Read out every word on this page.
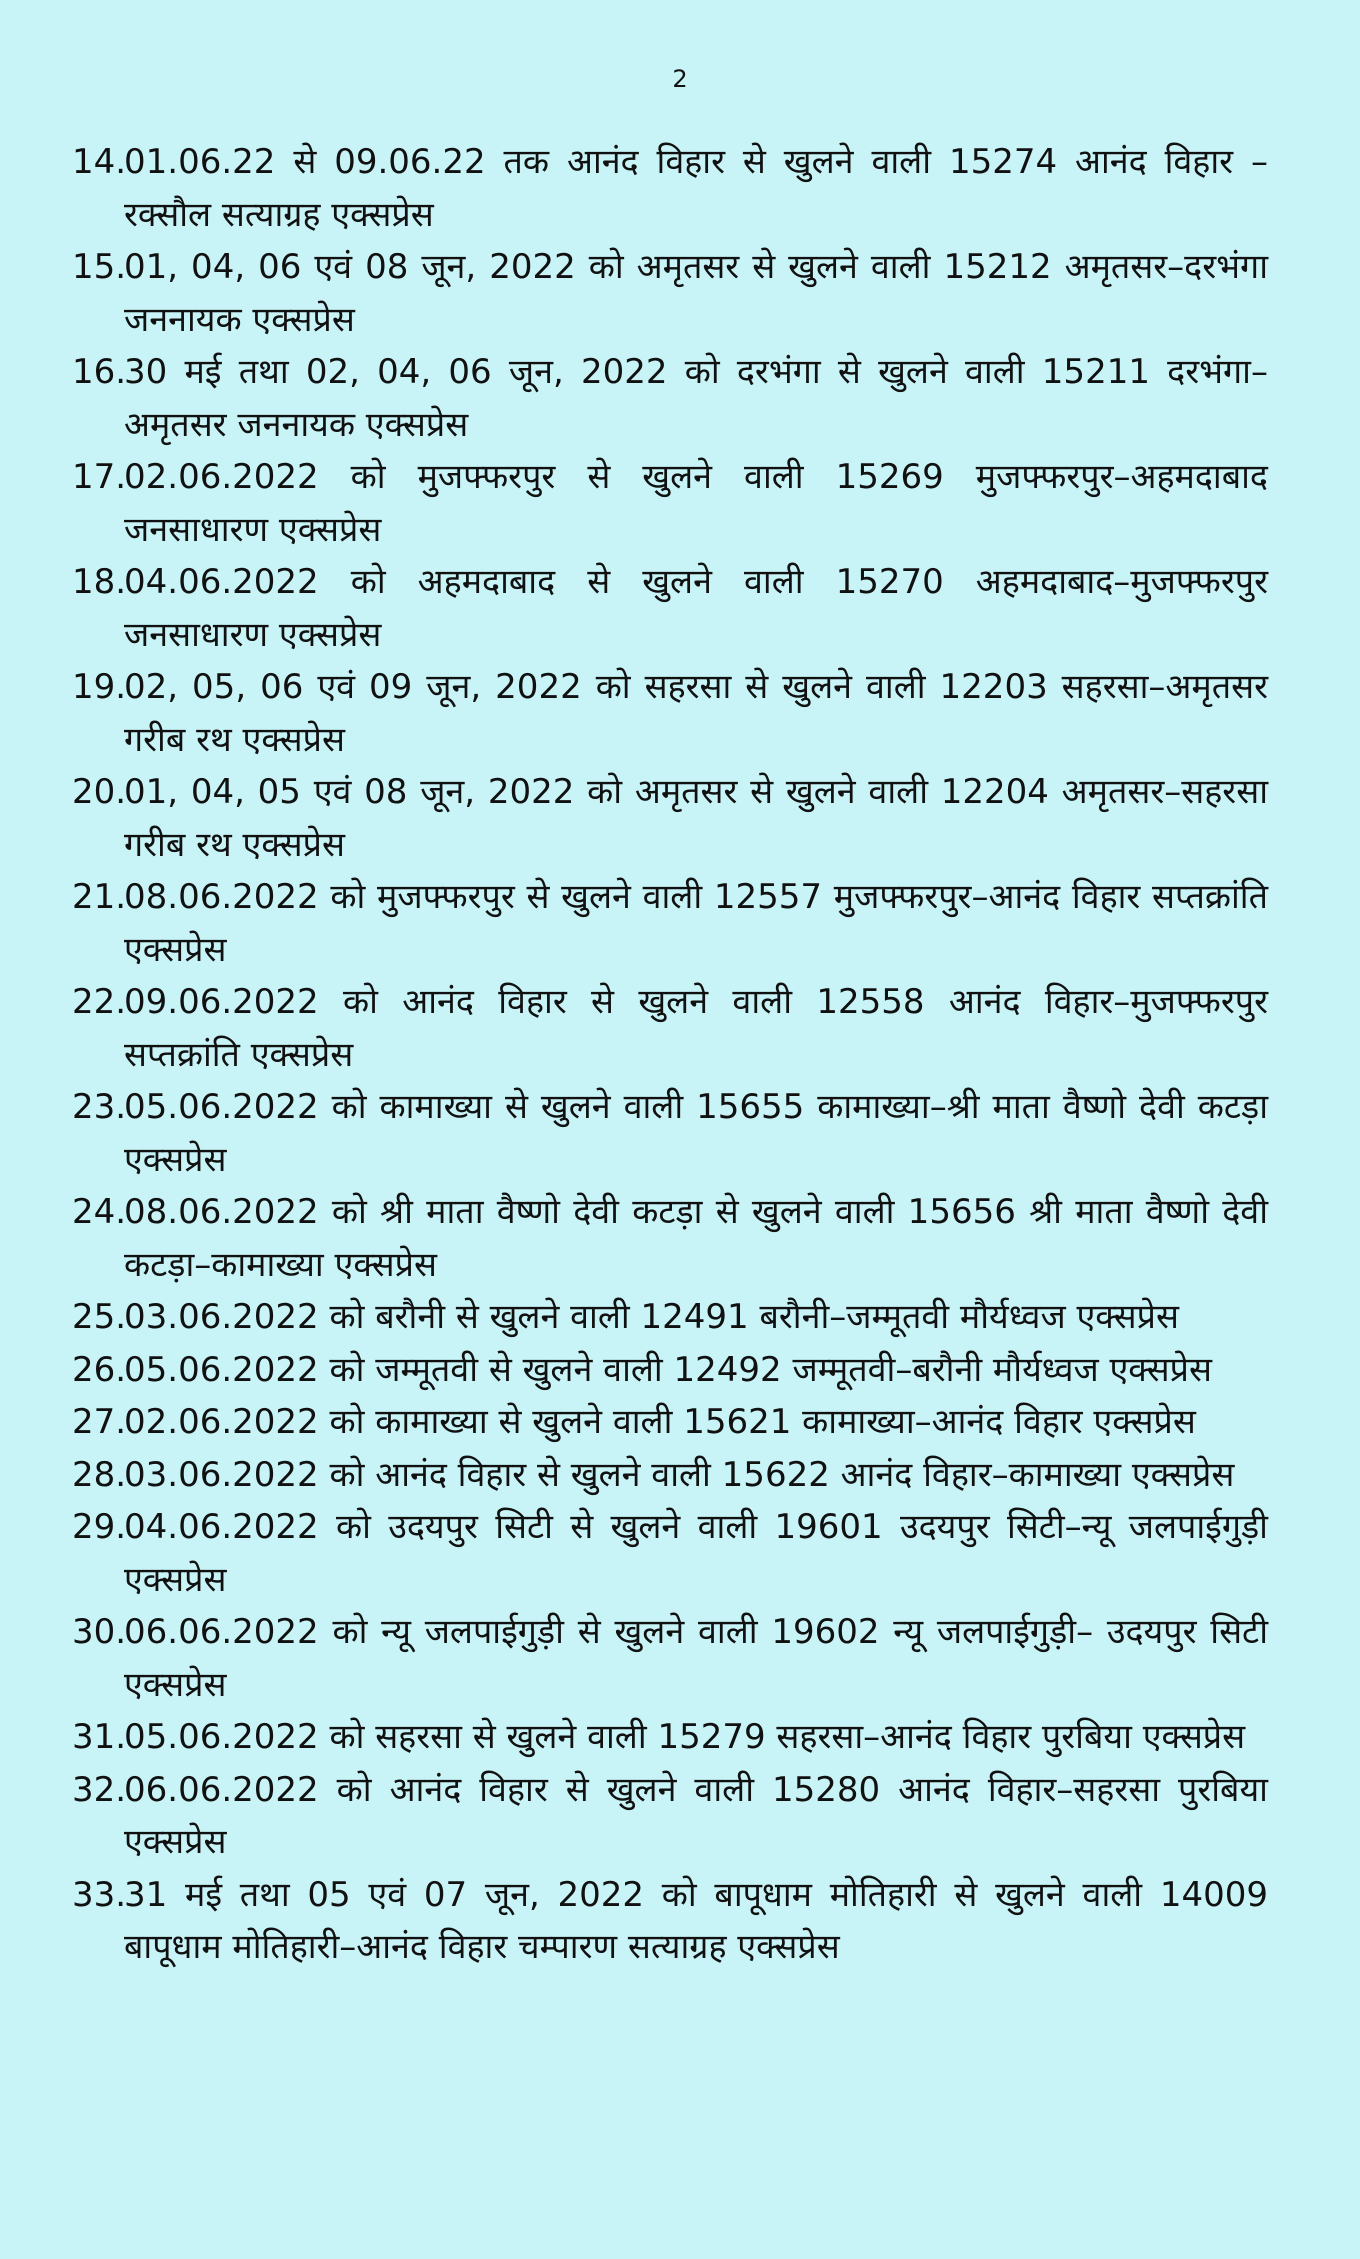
2
14.
01.06.22 से 09.06.22 तक आनंद विहार से खुलने वाली 15274 आनंद विहार –रक्सौल सत्याग्रह एक्सप्रेस
15.
01, 04, 06 एवं 08 जून, 2022 को अमृतसर से खुलने वाली 15212 अमृतसर–दरभंगा जननायक एक्सप्रेस
16.
30 मई तथा 02, 04, 06 जून, 2022 को दरभंगा से खुलने वाली 15211 दरभंगा–अमृतसर जननायक एक्सप्रेस
17.
02.06.2022 को मुजफ्फरपुर से खुलने वाली 15269 मुजफ्फरपुर–अहमदाबाद जनसाधारण एक्सप्रेस
18.
04.06.2022 को अहमदाबाद से खुलने वाली 15270 अहमदाबाद–मुजफ्फरपुर जनसाधारण एक्सप्रेस
19.
02, 05, 06 एवं 09 जून, 2022 को सहरसा से खुलने वाली 12203 सहरसा–अमृतसर गरीब रथ एक्सप्रेस
20.
01, 04, 05 एवं 08 जून, 2022 को अमृतसर से खुलने वाली 12204 अमृतसर–सहरसा गरीब रथ एक्सप्रेस
21.
08.06.2022 को मुजफ्फरपुर से खुलने वाली 12557 मुजफ्फरपुर–आनंद विहार सप्तक्रांति एक्सप्रेस
22.
09.06.2022 को आनंद विहार से खुलने वाली 12558 आनंद विहार–मुजफ्फरपुर सप्तक्रांति एक्सप्रेस
23.
05.06.2022 को कामाख्या से खुलने वाली 15655 कामाख्या–श्री माता वैष्णो देवी कटड़ा एक्सप्रेस
24.
08.06.2022 को श्री माता वैष्णो देवी कटड़ा से खुलने वाली 15656 श्री माता वैष्णो देवी कटड़ा–कामाख्या एक्सप्रेस
25.
03.06.2022 को बरौनी से खुलने वाली 12491 बरौनी–जम्मूतवी मौर्यध्वज एक्सप्रेस
26.
05.06.2022 को जम्मूतवी से खुलने वाली 12492 जम्मूतवी–बरौनी मौर्यध्वज एक्सप्रेस
27.
02.06.2022 को कामाख्या से खुलने वाली 15621 कामाख्या–आनंद विहार एक्सप्रेस
28.
03.06.2022 को आनंद विहार से खुलने वाली 15622 आनंद विहार–कामाख्या एक्सप्रेस
29.
04.06.2022 को उदयपुर सिटी से खुलने वाली 19601 उदयपुर सिटी–न्यू जलपाईगुड़ी एक्सप्रेस
30.
06.06.2022 को न्यू जलपाईगुड़ी से खुलने वाली 19602 न्यू जलपाईगुड़ी– उदयपुर सिटी एक्सप्रेस
31.
05.06.2022 को सहरसा से खुलने वाली 15279 सहरसा–आनंद विहार पुरबिया एक्सप्रेस
32.
06.06.2022 को आनंद विहार से खुलने वाली 15280 आनंद विहार–सहरसा पुरबिया एक्सप्रेस
33.
31 मई तथा 05 एवं 07 जून, 2022 को बापूधाम मोतिहारी से खुलने वाली 14009 बापूधाम मोतिहारी–आनंद विहार चम्पारण सत्याग्रह एक्सप्रेस
